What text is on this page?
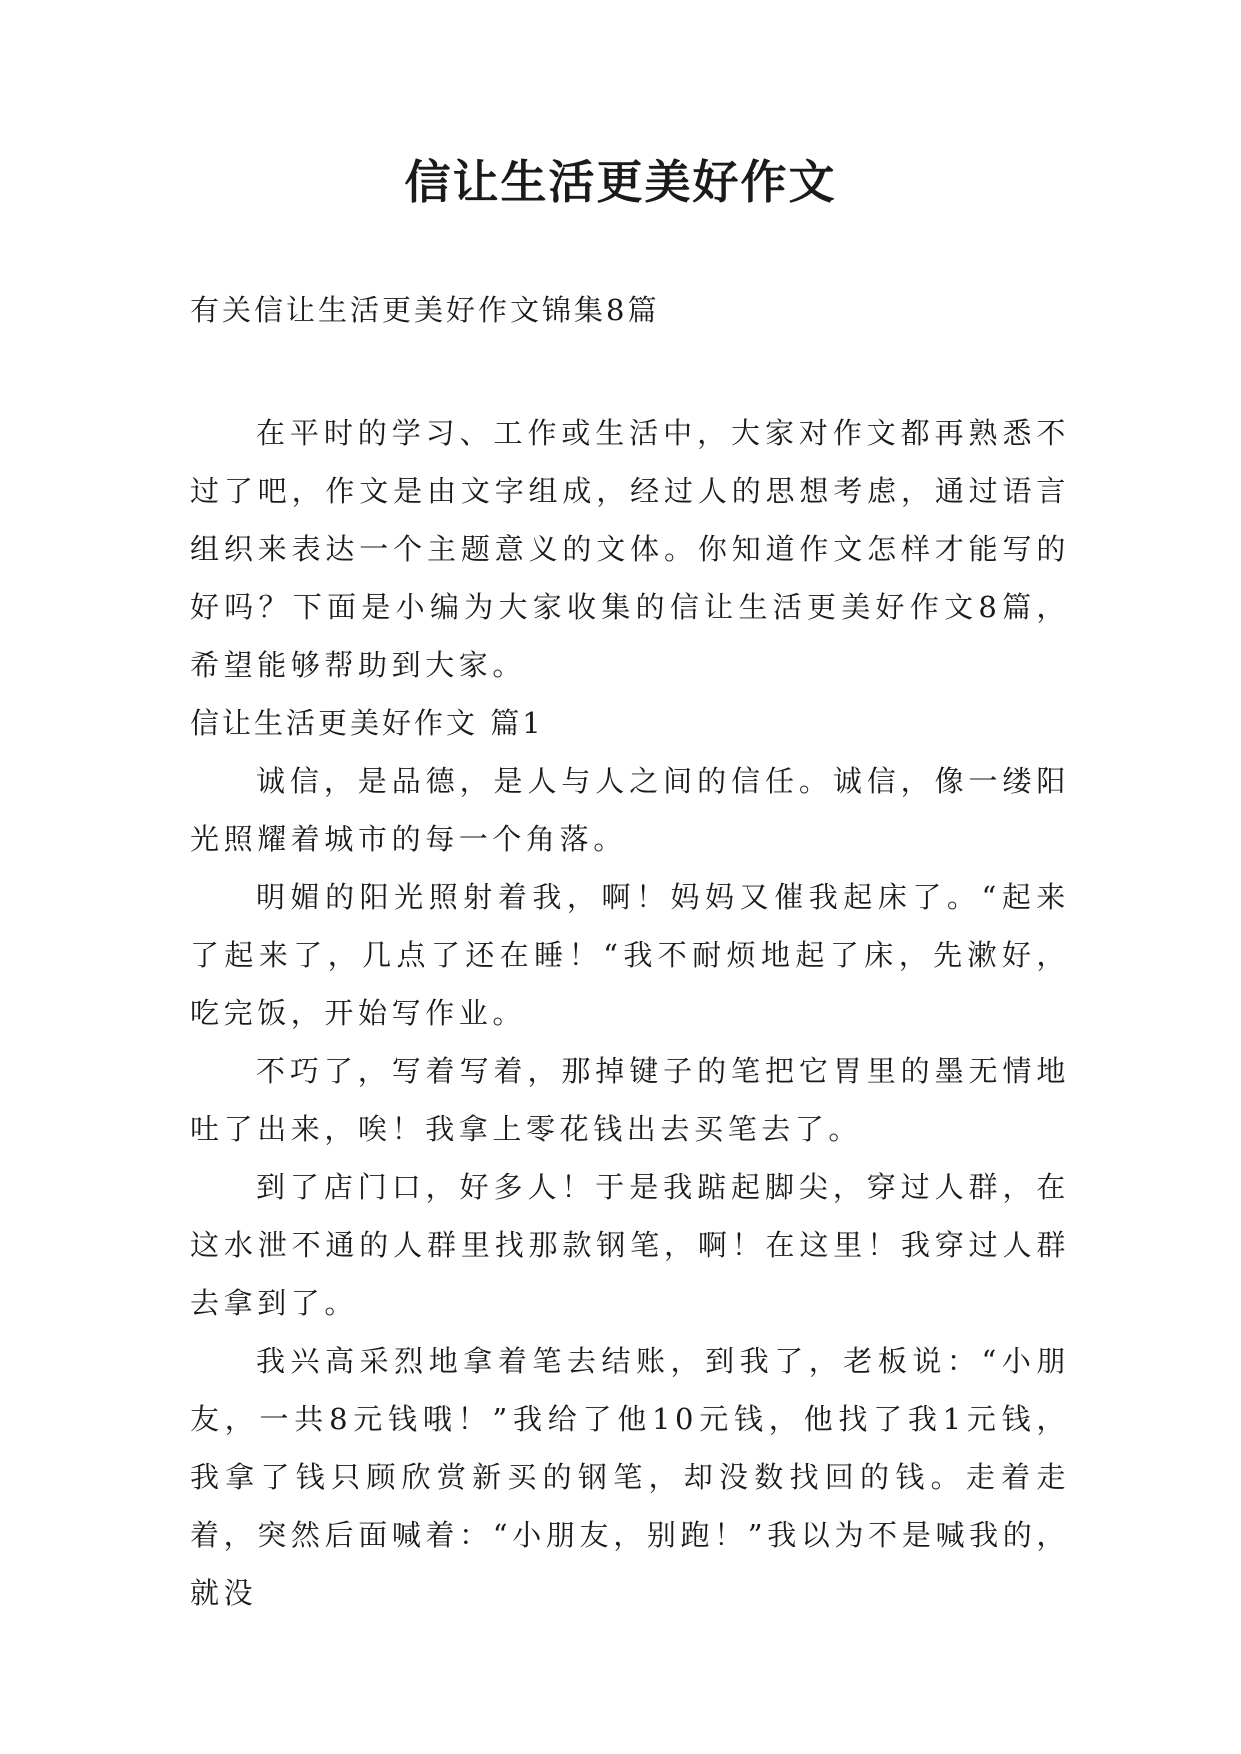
信让生活更美好作文

有关信让生活更美好作文锦集8篇

在平时的学习、工作或生活中，大家对作文都再熟悉不过了吧，作文是由文字组成，经过人的思想考虑，通过语言组织来表达一个主题意义的文体。你知道作文怎样才能写的好吗？下面是小编为大家收集的信让生活更美好作文8篇，希望能够帮助到大家。

信让生活更美好作文 篇1

诚信，是品德，是人与人之间的信任。诚信，像一缕阳光照耀着城市的每一个角落。

明媚的阳光照射着我，啊！妈妈又催我起床了。“起来了起来了，几点了还在睡！“我不耐烦地起了床，先漱好，吃完饭，开始写作业。

不巧了，写着写着，那掉键子的笔把它胃里的墨无情地吐了出来，唉！我拿上零花钱出去买笔去了。

到了店门口，好多人！于是我踮起脚尖，穿过人群，在这水泄不通的人群里找那款钢笔，啊！在这里！我穿过人群去拿到了。

我兴高采烈地拿着笔去结账，到我了，老板说：“小朋友，一共8元钱哦！”我给了他10元钱，他找了我1元钱，我拿了钱只顾欣赏新买的钢笔，却没数找回的钱。走着走着，突然后面喊着：“小朋友，别跑！”我以为不是喊我的，就没
